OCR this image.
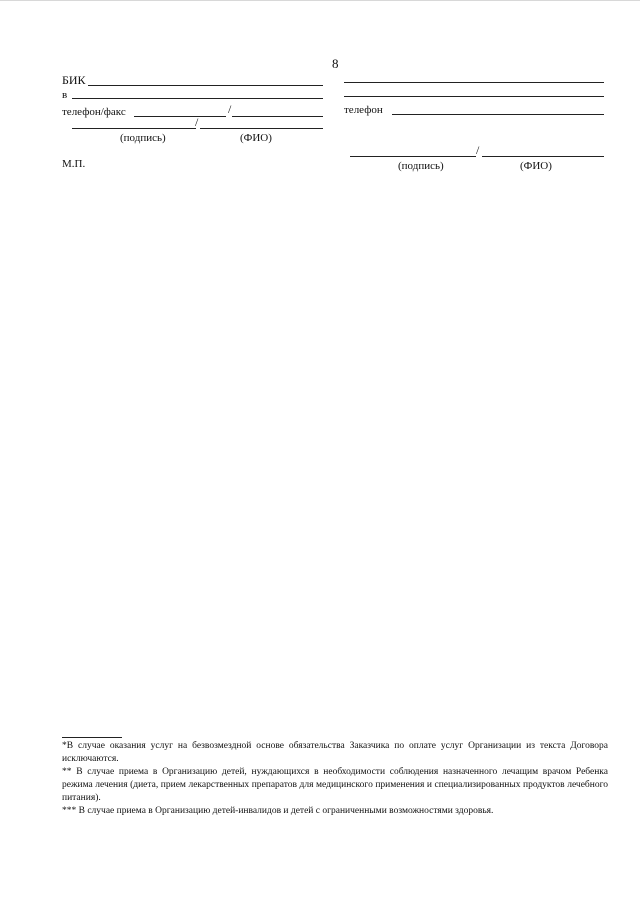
8
БИК
в
телефон/факс	/
/
(подпись)	(ФИО)
М.П.
телефон
/
(подпись)	(ФИО)
*В случае оказания услуг на безвозмездной основе обязательства Заказчика по оплате услуг Организации из текста Договора исключаются.
** В случае приема в Организацию детей, нуждающихся в необходимости соблюдения назначенного лечащим врачом Ребенка режима лечения (диета, прием лекарственных препаратов для медицинского применения и специализированных продуктов лечебного питания).
*** В случае приема в Организацию детей-инвалидов и детей с ограниченными возможностями здоровья.
